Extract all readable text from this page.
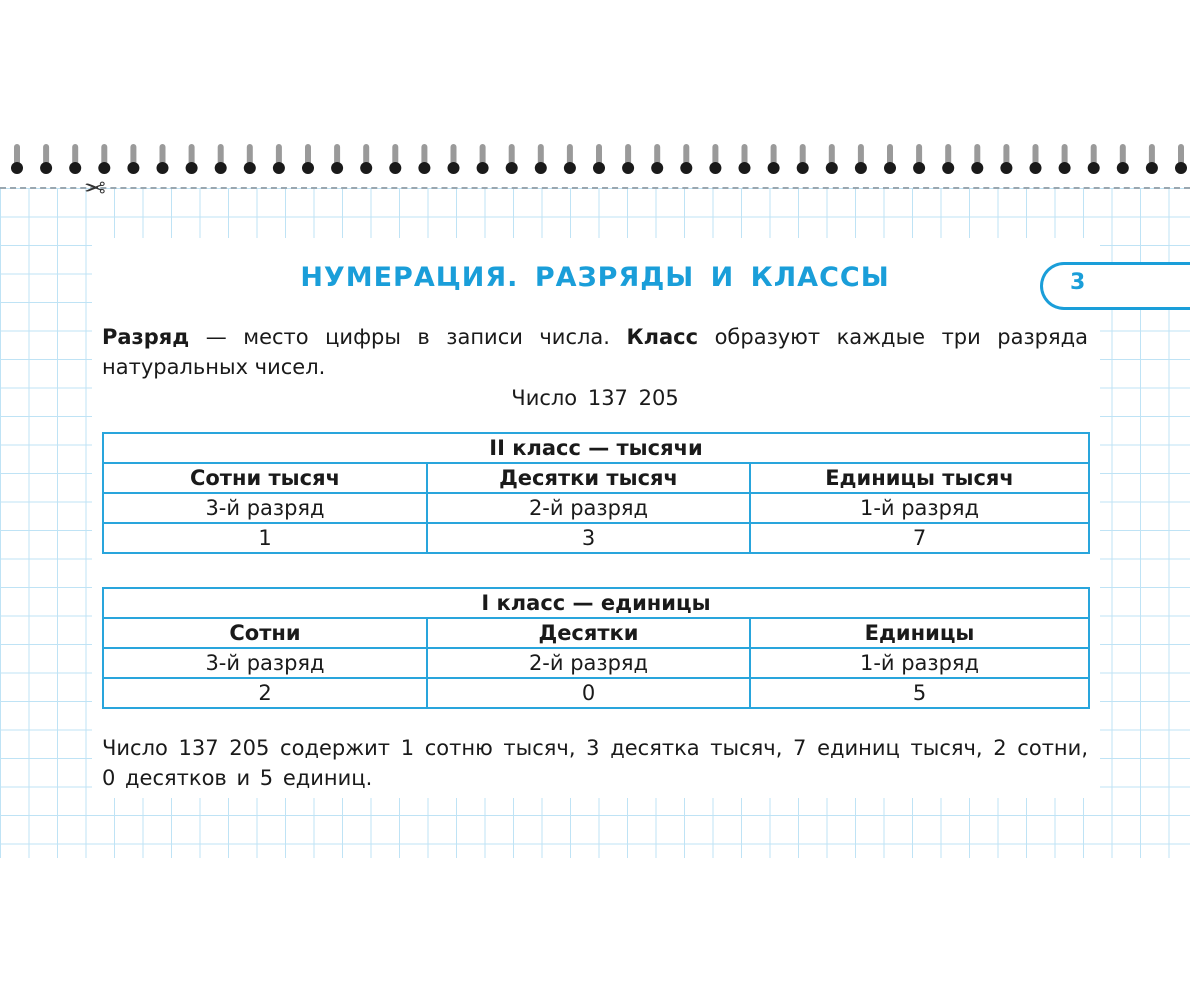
✂
НУМЕРАЦИЯ. РАЗРЯДЫ И КЛАССЫ	3
Разряд — место цифры в записи числа. Класс образуют каждые три разряда натуральных чисел.
Число 137 205
II класс — тысячи		
Сотни тысяч	Десятки тысяч	Единицы тысяч
3-й разряд	2-й разряд	1-й разряд
1	3	7
I класс — единицы		
Сотни	Десятки	Единицы
3-й разряд	2-й разряд	1-й разряд
2	0	5
Число 137 205 содержит 1 сотню тысяч, 3 десятка тысяч, 7 единиц тысяч, 2 сотни, 0 десятков и 5 единиц.
